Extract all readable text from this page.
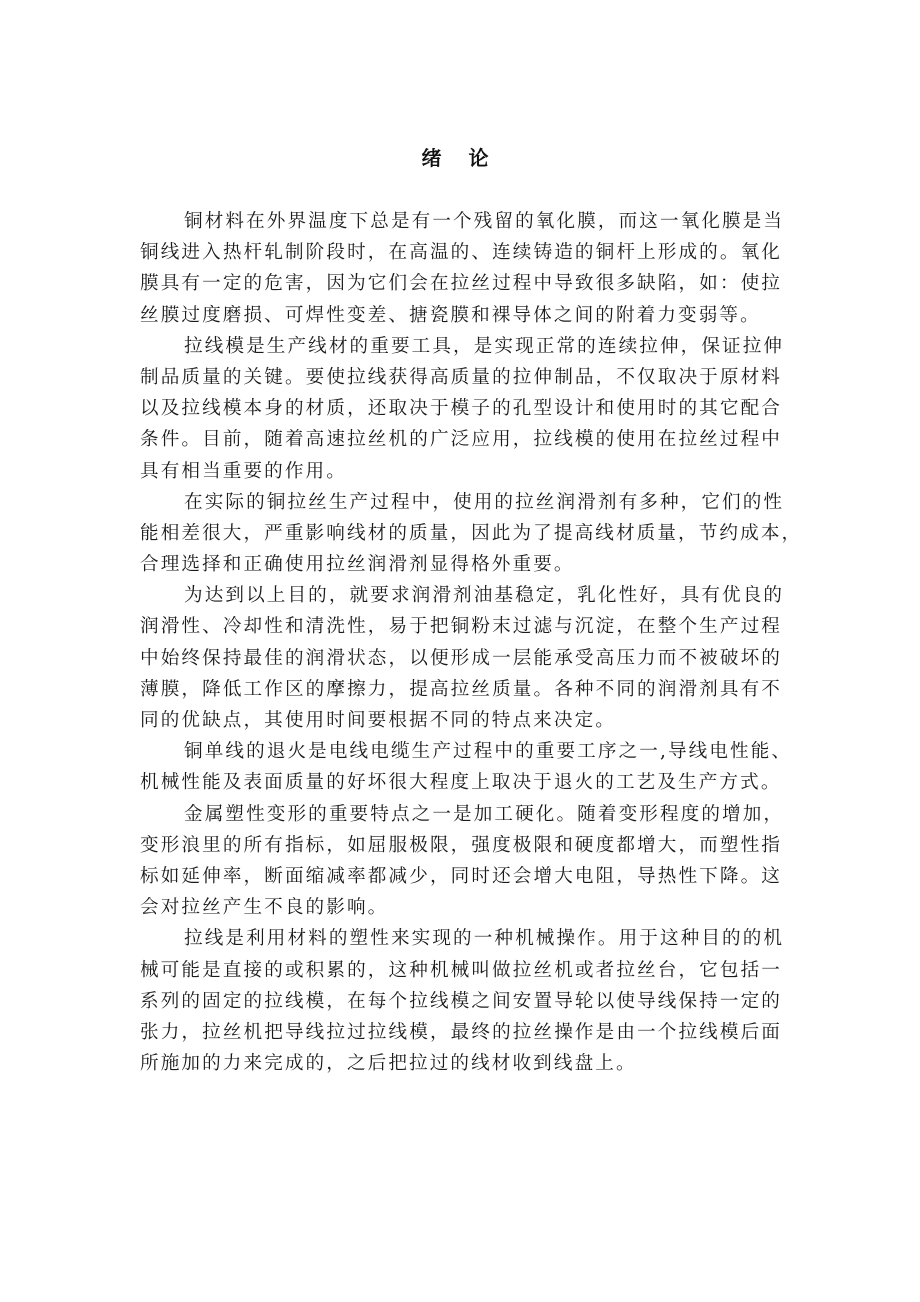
绪 论

铜材料在外界温度下总是有一个残留的氧化膜，而这一氧化膜是当
铜线进入热杆轧制阶段时，在高温的、连续铸造的铜杆上形成的。氧化
膜具有一定的危害，因为它们会在拉丝过程中导致很多缺陷，如：使拉
丝膜过度磨损、可焊性变差、搪瓷膜和裸导体之间的附着力变弱等。

拉线模是生产线材的重要工具，是实现正常的连续拉伸，保证拉伸
制品质量的关键。要使拉线获得高质量的拉伸制品，不仅取决于原材料
以及拉线模本身的材质，还取决于模子的孔型设计和使用时的其它配合
条件。目前，随着高速拉丝机的广泛应用，拉线模的使用在拉丝过程中
具有相当重要的作用。

在实际的铜拉丝生产过程中，使用的拉丝润滑剂有多种，它们的性
能相差很大，严重影响线材的质量，因此为了提高线材质量，节约成本，
合理选择和正确使用拉丝润滑剂显得格外重要。

为达到以上目的，就要求润滑剂油基稳定，乳化性好，具有优良的
润滑性、冷却性和清洗性，易于把铜粉末过滤与沉淀，在整个生产过程
中始终保持最佳的润滑状态，以便形成一层能承受高压力而不被破坏的
薄膜，降低工作区的摩擦力，提高拉丝质量。各种不同的润滑剂具有不
同的优缺点，其使用时间要根据不同的特点来决定。

铜单线的退火是电线电缆生产过程中的重要工序之一,导线电性能、
机械性能及表面质量的好坏很大程度上取决于退火的工艺及生产方式。

金属塑性变形的重要特点之一是加工硬化。随着变形程度的增加，
变形浪里的所有指标，如屈服极限，强度极限和硬度都增大，而塑性指
标如延伸率，断面缩减率都减少，同时还会增大电阻，导热性下降。这
会对拉丝产生不良的影响。

拉线是利用材料的塑性来实现的一种机械操作。用于这种目的的机
械可能是直接的或积累的，这种机械叫做拉丝机或者拉丝台，它包括一
系列的固定的拉线模，在每个拉线模之间安置导轮以使导线保持一定的
张力，拉丝机把导线拉过拉线模，最终的拉丝操作是由一个拉线模后面
所施加的力来完成的，之后把拉过的线材收到线盘上。
